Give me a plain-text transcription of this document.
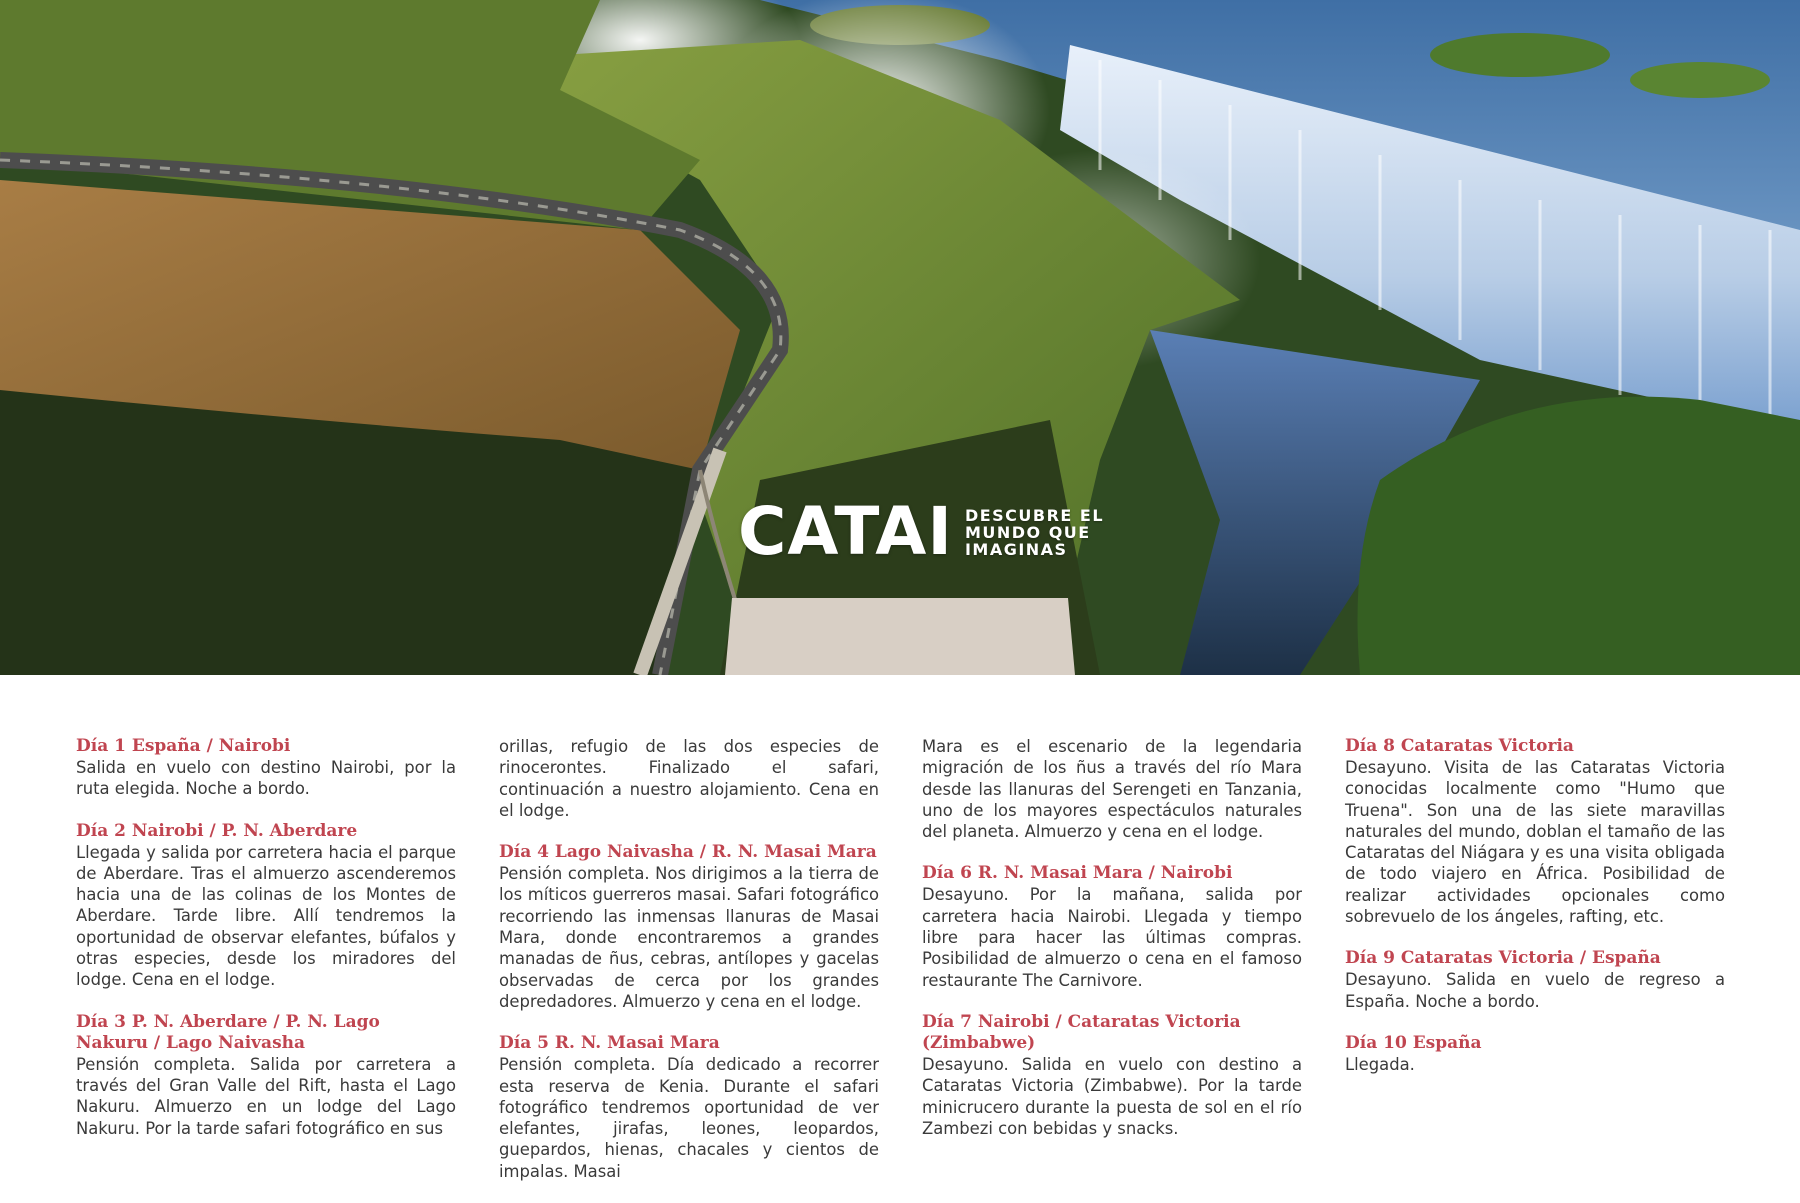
CATAI DESCUBRE EL
MUNDO QUE
IMAGINAS

Día 1 España / Nairobi

Salida en vuelo con destino Nairobi, por la ruta elegida. Noche a bordo.

Día 2 Nairobi / P. N. Aberdare

Llegada y salida por carretera hacia el parque de Aberdare. Tras el almuerzo ascenderemos hacia una de las colinas de los Montes de Aberdare. Tarde libre. Allí tendremos la oportunidad de observar elefantes, búfalos y otras especies, desde los miradores del lodge. Cena en el lodge.

Día 3 P. N. Aberdare / P. N. Lago Nakuru / Lago Naivasha

Pensión completa. Salida por carretera a través del Gran Valle del Rift, hasta el Lago Nakuru. Almuerzo en un lodge del Lago Nakuru. Por la tarde safari fotográfico en sus

orillas, refugio de las dos especies de rinocerontes. Finalizado el safari, continuación a nuestro alojamiento. Cena en el lodge.

Día 4 Lago Naivasha / R. N. Masai Mara

Pensión completa. Nos dirigimos a la tierra de los míticos guerreros masai. Safari fotográfico recorriendo las inmensas llanuras de Masai Mara, donde encontraremos a grandes manadas de ñus, cebras, antílopes y gacelas observadas de cerca por los grandes depredadores. Almuerzo y cena en el lodge.

Día 5 R. N. Masai Mara

Pensión completa. Día dedicado a recorrer esta reserva de Kenia. Durante el safari fotográfico tendremos oportunidad de ver elefantes, jirafas, leones, leopardos, guepardos, hienas, chacales y cientos de impalas. Masai

Mara es el escenario de la legendaria migración de los ñus a través del río Mara desde las llanuras del Serengeti en Tanzania, uno de los mayores espectáculos naturales del planeta. Almuerzo y cena en el lodge.

Día 6 R. N. Masai Mara / Nairobi

Desayuno. Por la mañana, salida por carretera hacia Nairobi. Llegada y tiempo libre para hacer las últimas compras. Posibilidad de almuerzo o cena en el famoso restaurante The Carnivore.

Día 7 Nairobi / Cataratas Victoria (Zimbabwe)

Desayuno. Salida en vuelo con destino a Cataratas Victoria (Zimbabwe). Por la tarde minicrucero durante la puesta de sol en el río Zambezi con bebidas y snacks.

Día 8 Cataratas Victoria

Desayuno. Visita de las Cataratas Victoria conocidas localmente como "Humo que Truena". Son una de las siete maravillas naturales del mundo, doblan el tamaño de las Cataratas del Niágara y es una visita obligada de todo viajero en África. Posibilidad de realizar actividades opcionales como sobrevuelo de los ángeles, rafting, etc.

Día 9 Cataratas Victoria / España

Desayuno. Salida en vuelo de regreso a España. Noche a bordo.

Día 10 España

Llegada.
